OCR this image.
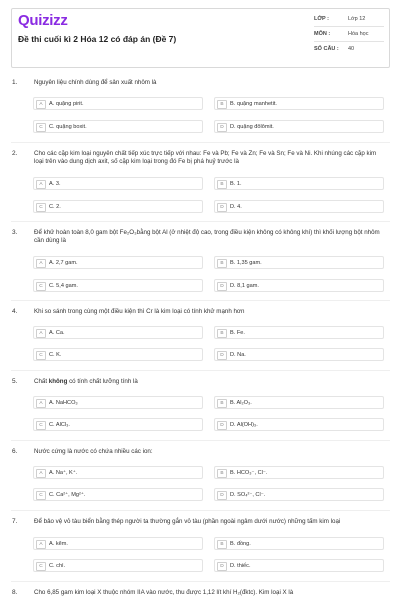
Quizizz
Đề thi cuối kì 2 Hóa 12 có đáp án (Đề 7)
LỚP :	Lớp 12
MÔN :	Hóa học
SỐ CÂU : 40
1.	Nguyên liệu chính dùng để sản xuất nhôm là
A	A. quặng pirit.	B	B. quặng manhetit.
C	C. quặng boxit.	D	D. quặng đôlômit.
2.	Cho các cặp kim loại nguyên chất tiếp xúc trực tiếp với nhau: Fe và Pb; Fe và Zn; Fe và Sn; Fe và Ni. Khi nhúng các cặp kim loại trên vào dung dịch axit, số cặp kim loại trong đó Fe bị phá huỷ trước là
A	A. 3.	B	B. 1.
C	C. 2.	D	D. 4.
3.	Để khử hoàn toàn 8,0 gam bột Fe₂O₃bằng bột Al (ở nhiệt độ cao, trong điều kiện không có không khí) thì khối lượng bột nhôm cần dùng là
A	A. 2,7 gam.	B	B. 1,35 gam.
C	C. 5,4 gam.	D	D. 8,1 gam.
4.	Khi so sánh trong cùng một điều kiện thì Cr là kim loại có tính khử mạnh hơn
A	A. Ca.	B	B. Fe.
C	C. K.	D	D. Na.
5.	Chất không có tính chất lưỡng tính là
A	A. NaHCO₃	B	B. Al₂O₃.
C	C. AlCl₃.	D	D. Al(OH)₃.
6.	Nước cứng là nước có chứa nhiều các ion:
A	A. Na⁺, K⁺.	B	B. HCO₃⁻, Cl⁻.
C	C. Ca²⁺, Mg²⁺.	D	D. SO₄²⁻, Cl⁻.
7.	Để bảo vệ vỏ tàu biển bằng thép người ta thường gắn vỏ tàu (phần ngoài ngâm dưới nước) những tấm kim loại
A	A. kẽm.	B	B. đồng.
C	C. chì.	D	D. thiếc.
8.	Cho 6,85 gam kim loại X thuộc nhóm IIA vào nước, thu được 1,12 lít khí H₂(đktc). Kim loại X là
